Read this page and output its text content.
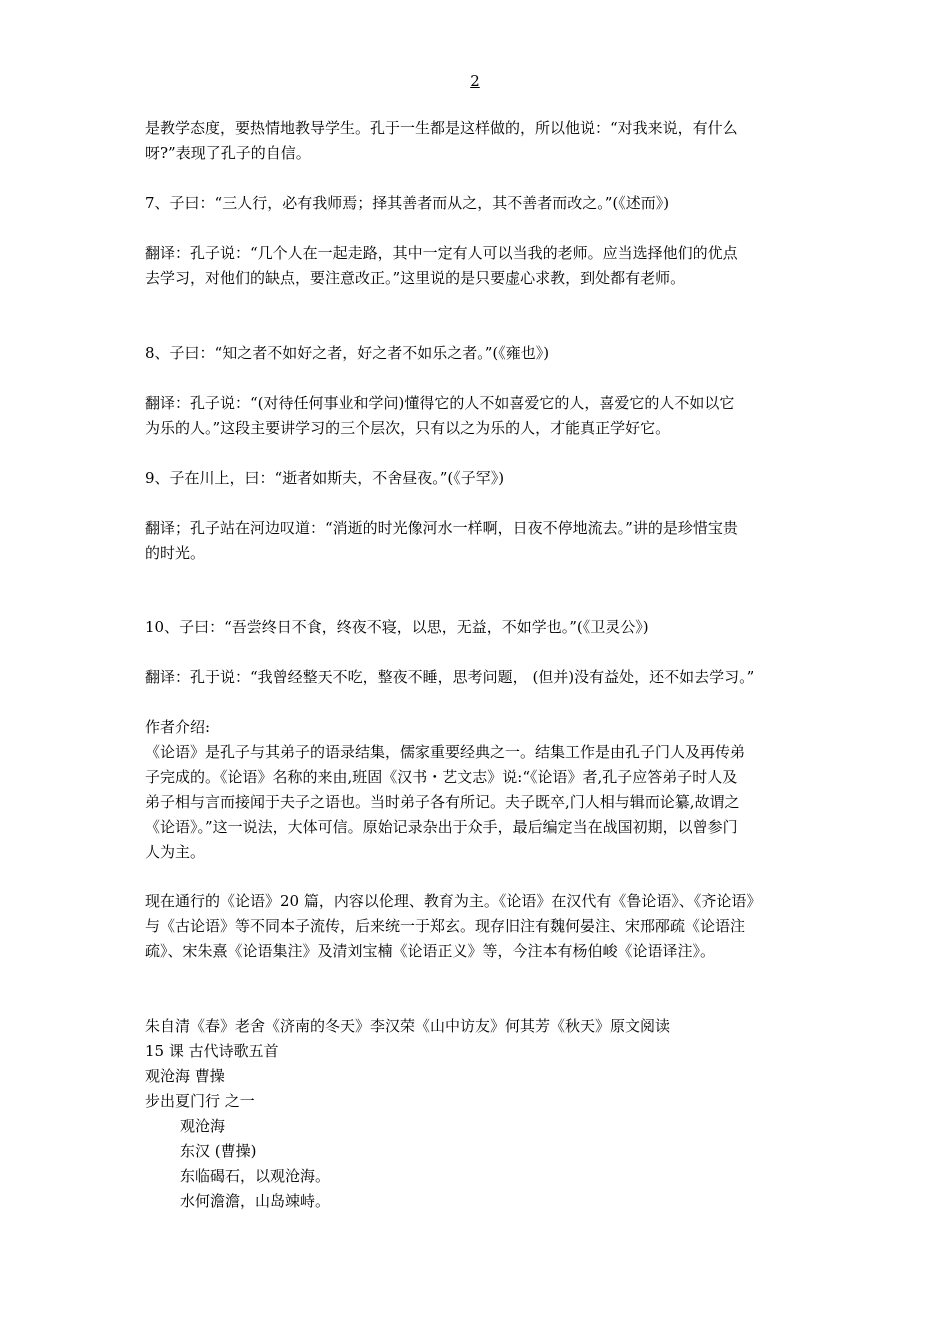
2
是教学态度，要热情地教导学生。孔于一生都是这样做的，所以他说：“对我来说，有什么
呀?”表现了孔子的自信。
7、子曰：“三人行，必有我师焉；择其善者而从之，其不善者而改之。”(《述而》)
翻译：孔子说：“几个人在一起走路，其中一定有人可以当我的老师。应当选择他们的优点
去学习，对他们的缺点，要注意改正。”这里说的是只要虚心求教，到处都有老师。
8、子曰：“知之者不如好之者，好之者不如乐之者。”(《雍也》)
翻译：孔子说：“(对待任何事业和学问)懂得它的人不如喜爱它的人，喜爱它的人不如以它
为乐的人。”这段主要讲学习的三个层次，只有以之为乐的人，才能真正学好它。
9、子在川上，曰：“逝者如斯夫，不舍昼夜。”(《子罕》)
翻译；孔子站在河边叹道：“消逝的时光像河水一样啊，日夜不停地流去。”讲的是珍惜宝贵
的时光。
10、子曰：“吾尝终日不食，终夜不寝，以思，无益，不如学也。”(《卫灵公》)
翻译：孔于说：“我曾经整天不吃，整夜不睡，思考问题， (但并)没有益处，还不如去学习。”
作者介绍:
《论语》是孔子与其弟子的语录结集，儒家重要经典之一。结集工作是由孔子门人及再传弟
子完成的。《论语》名称的来由,班固《汉书・艺文志》说:“《论语》者,孔子应答弟子时人及
弟子相与言而接闻于夫子之语也。当时弟子各有所记。夫子既卒,门人相与辑而论纂,故谓之
《论语》。”这一说法，大体可信。原始记录杂出于众手，最后编定当在战国初期，以曾参门
人为主。
现在通行的《论语》20 篇，内容以伦理、教育为主。《论语》在汉代有《鲁论语》、《齐论语》
与《古论语》等不同本子流传，后来统一于郑玄。现存旧注有魏何晏注、宋邢邴疏《论语注
疏》、宋朱熹《论语集注》及清刘宝楠《论语正义》等，今注本有杨伯峻《论语译注》。
朱自清《春》老舍《济南的冬天》李汉荣《山中访友》何其芳《秋天》原文阅读
15 课 古代诗歌五首
观沧海 曹操
步出夏门行 之一
观沧海
东汉 (曹操)
东临碣石，以观沧海。
水何澹澹，山岛竦峙。
